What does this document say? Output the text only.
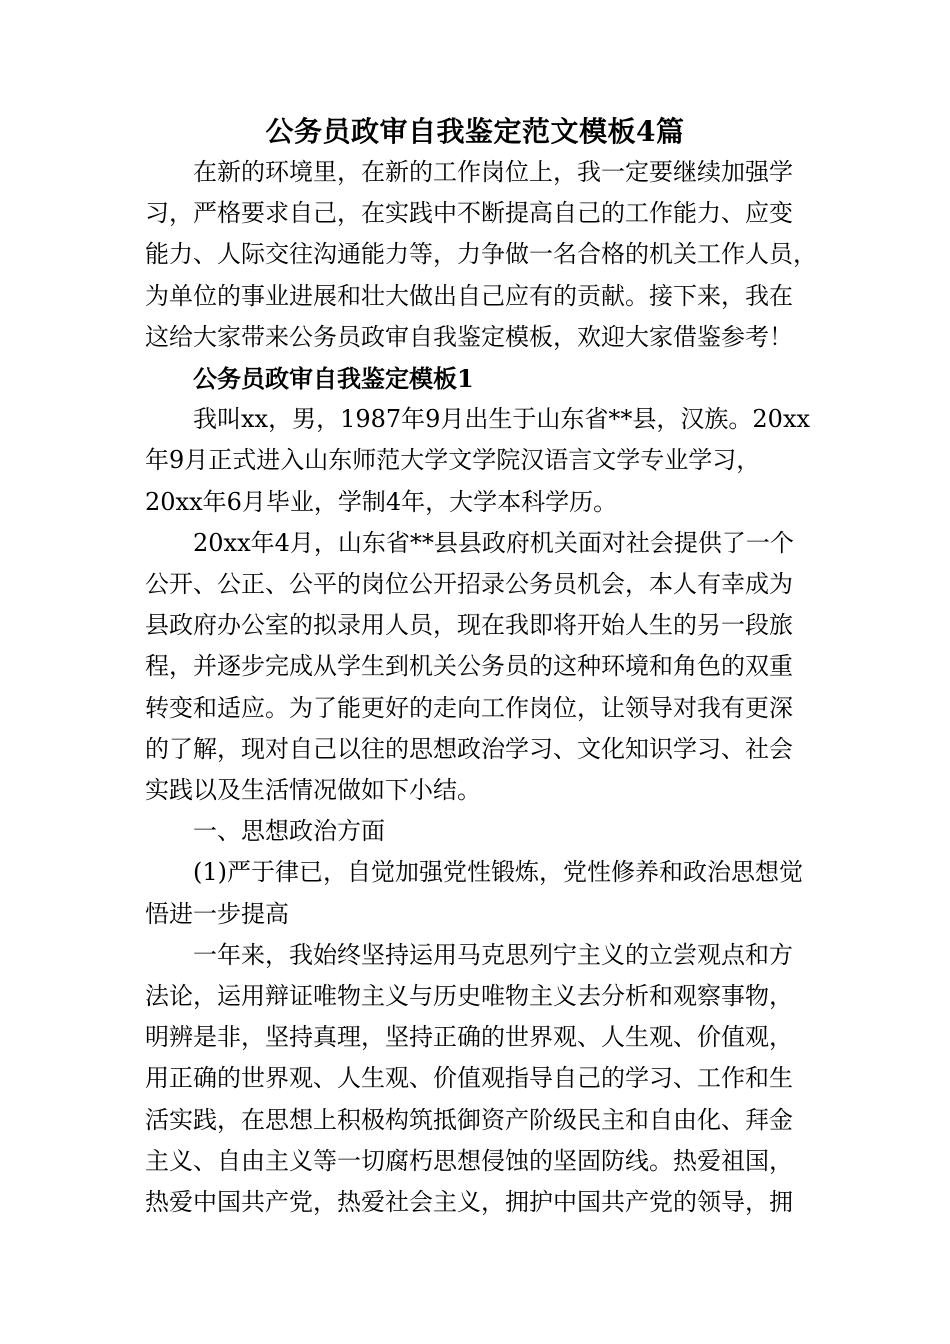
公务员政审自我鉴定范文模板4篇

在新的环境里，在新的工作岗位上，我一定要继续加强学
习，严格要求自己，在实践中不断提高自己的工作能力、应变
能力、人际交往沟通能力等，力争做一名合格的机关工作人员，
为单位的事业进展和壮大做出自己应有的贡献。接下来，我在
这给大家带来公务员政审自我鉴定模板，欢迎大家借鉴参考！

公务员政审自我鉴定模板1

我叫xx，男，1987年9月出生于山东省**县，汉族。20xx
年9月正式进入山东师范大学文学院汉语言文学专业学习，
20xx年6月毕业，学制4年，大学本科学历。

20xx年4月，山东省**县县政府机关面对社会提供了一个
公开、公正、公平的岗位公开招录公务员机会，本人有幸成为
县政府办公室的拟录用人员，现在我即将开始人生的另一段旅
程，并逐步完成从学生到机关公务员的这种环境和角色的双重
转变和适应。为了能更好的走向工作岗位，让领导对我有更深
的了解，现对自己以往的思想政治学习、文化知识学习、社会
实践以及生活情况做如下小结。

一、思想政治方面

(1)严于律已，自觉加强党性锻炼，党性修养和政治思想觉
悟进一步提高

一年来，我始终坚持运用马克思列宁主义的立尝观点和方
法论，运用辩证唯物主义与历史唯物主义去分析和观察事物，
明辨是非，坚持真理，坚持正确的世界观、人生观、价值观，
用正确的世界观、人生观、价值观指导自己的学习、工作和生
活实践，在思想上积极构筑抵御资产阶级民主和自由化、拜金
主义、自由主义等一切腐朽思想侵蚀的坚固防线。热爱祖国，
热爱中国共产党，热爱社会主义，拥护中国共产党的领导，拥
